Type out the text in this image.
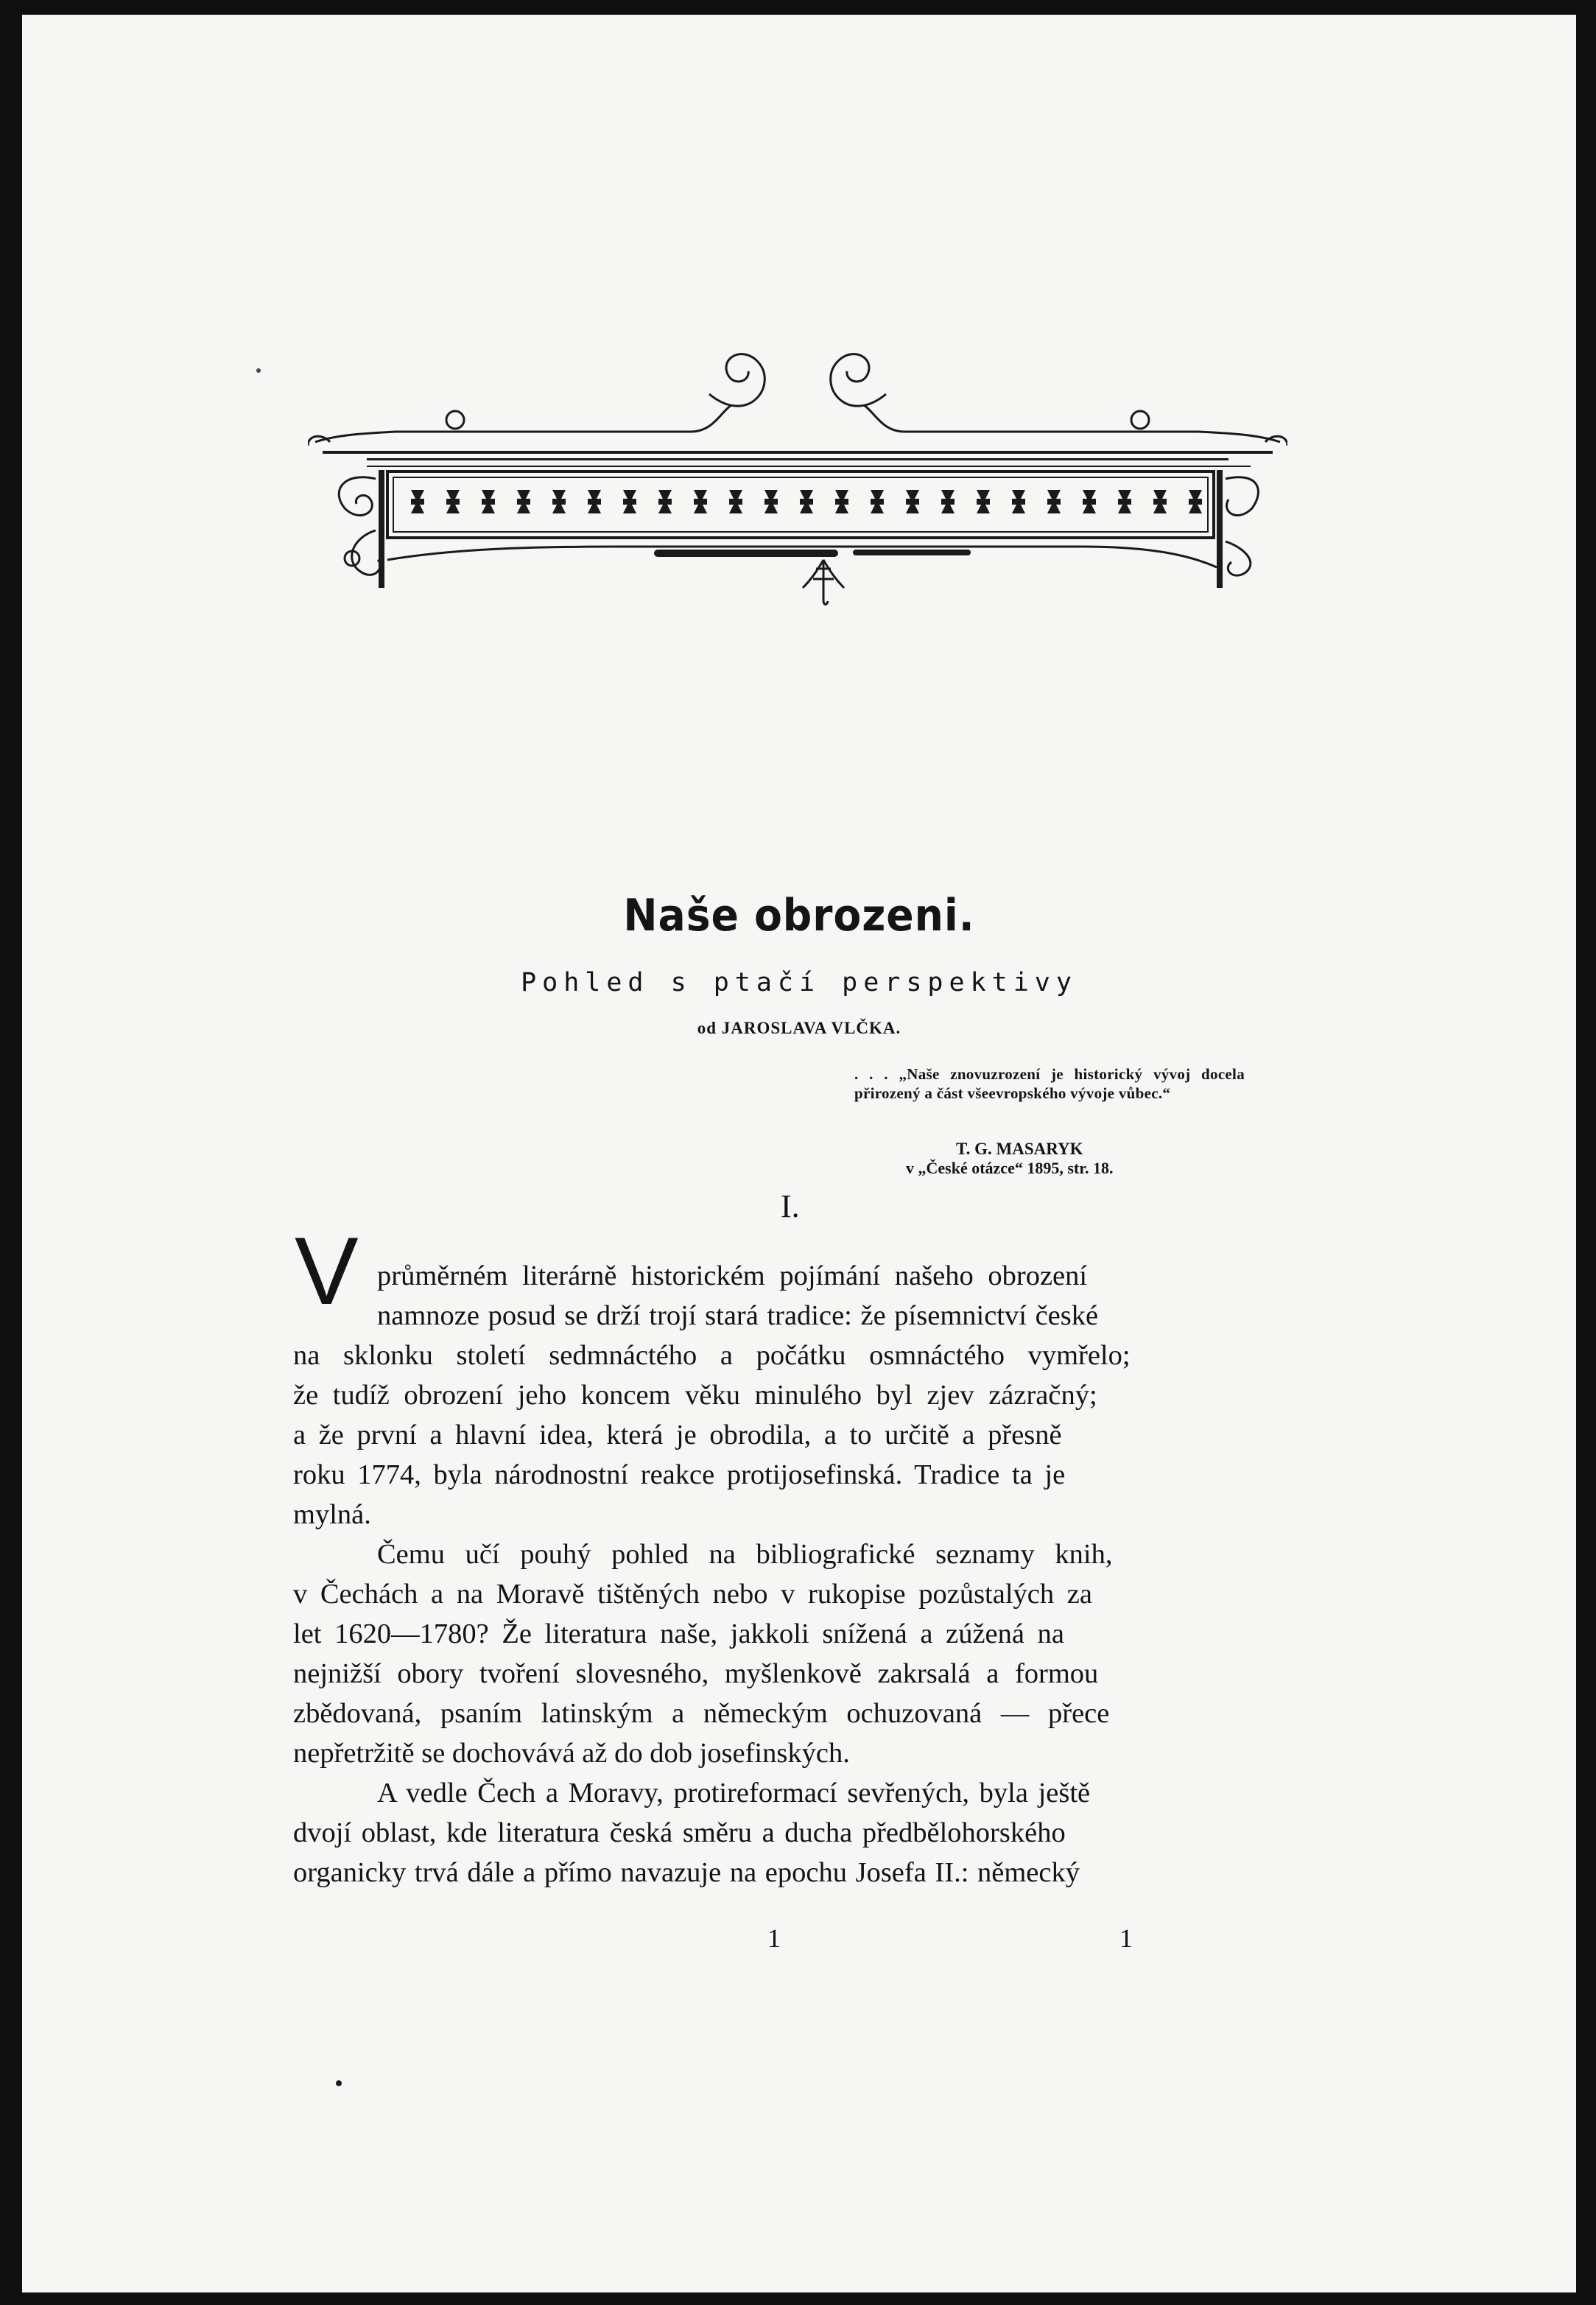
Naše obrozeni.
Pohled s ptačí perspektivy
od JAROSLAVA VLČKA.
. . . „Naše znovuzrození je historický vývoj docela přirozený a část všeevropského vývoje vůbec.“
T. G. MASARYK
v „České otázce“ 1895, str. 18.
I.
V průměrném literárně historickém pojímání našeho obrození

namnoze posud se drží trojí stará tradice: že písemnictví české

na sklonku století sedmnáctého a počátku osmnáctého vymřelo;

že tudíž obrození jeho koncem věku minulého byl zjev zázračný;

a že první a hlavní idea, která je obrodila, a to určitě a přesně

roku 1774, byla národnostní reakce protijosefinská. Tradice ta je

mylná.

Čemu učí pouhý pohled na bibliografické seznamy knih,

v Čechách a na Moravě tištěných nebo v rukopise pozůstalých za

let 1620—1780? Že literatura naše, jakkoli snížená a zúžená na

nejnižší obory tvoření slovesného, myšlenkově zakrsalá a formou

zbědovaná, psaním latinským a německým ochuzovaná — přece

nepřetržitě se dochovává až do dob josefinských.

A vedle Čech a Moravy, protireformací sevřených, byla ještě

dvojí oblast, kde literatura česká směru a ducha předbělohorského

organicky trvá dále a přímo navazuje na epochu Josefa II.: německý

1	1
